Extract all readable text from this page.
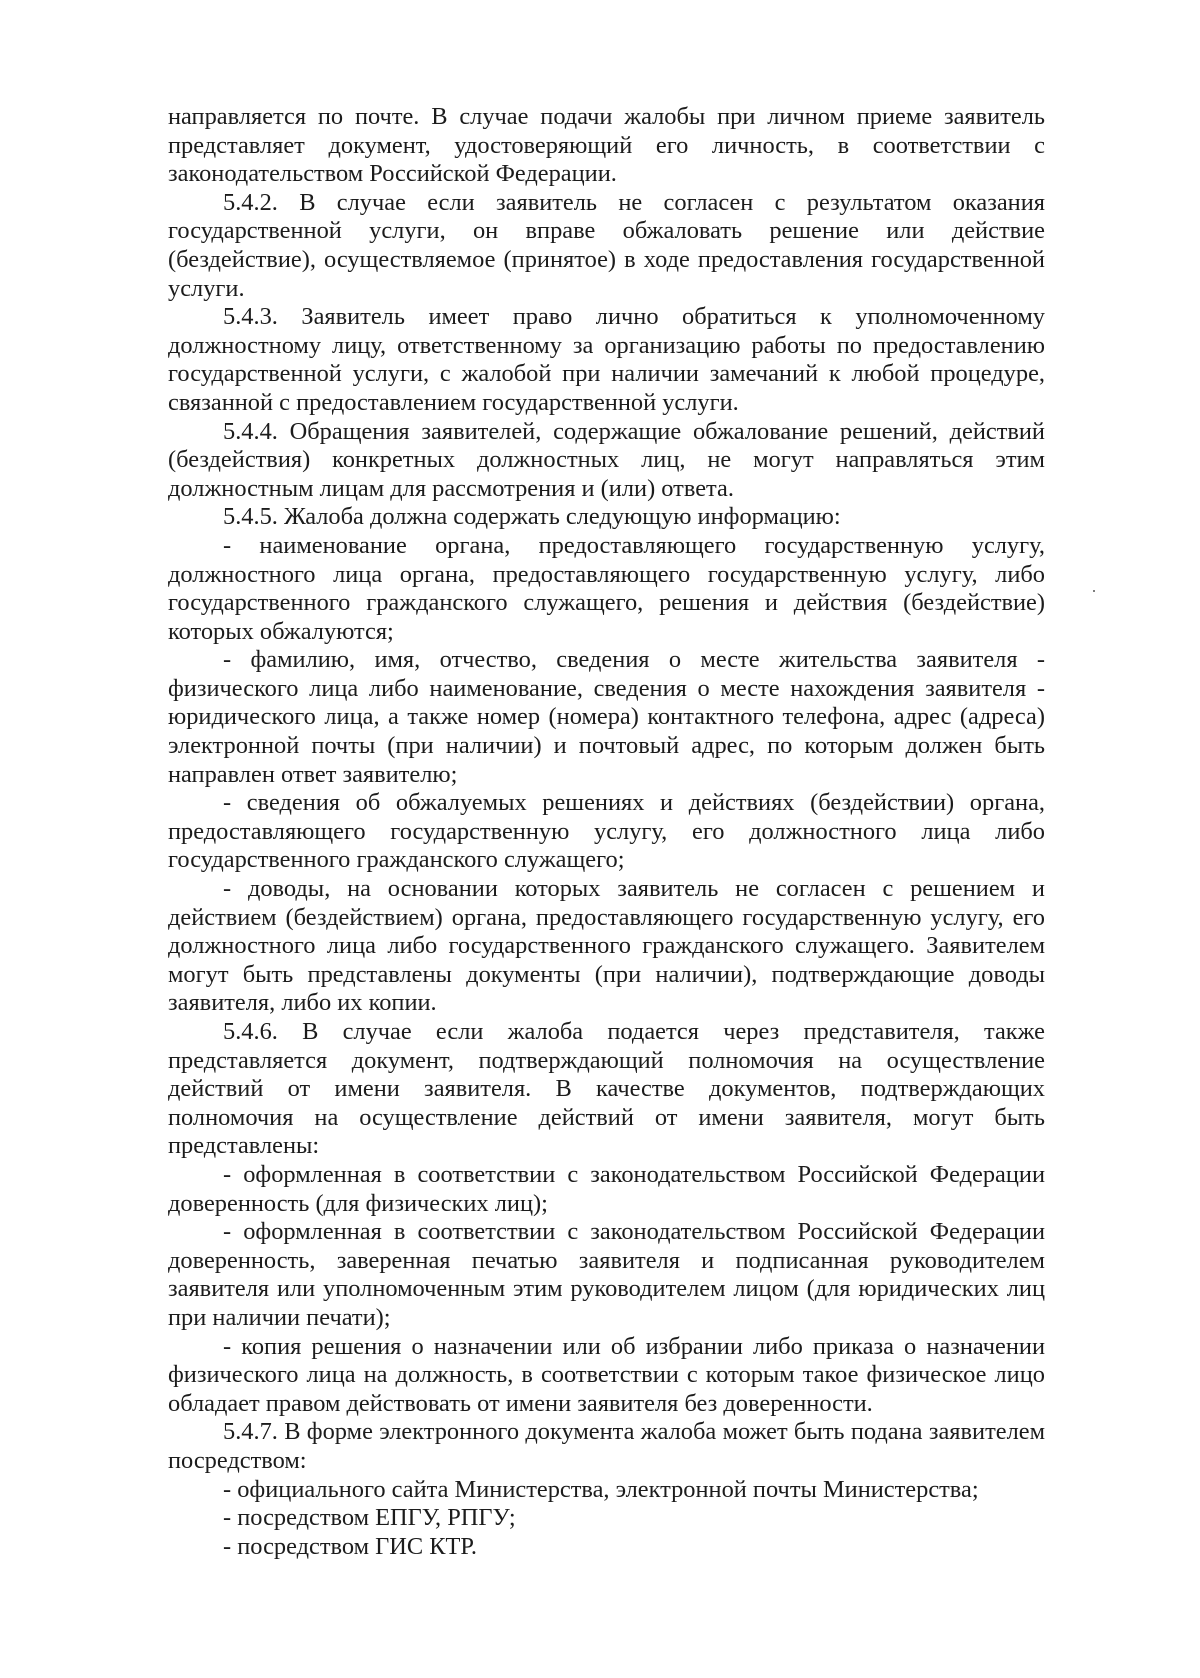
направляется по почте. В случае подачи жалобы при личном приеме заявитель представляет документ, удостоверяющий его личность, в соответствии с законодательством Российской Федерации.

5.4.2. В случае если заявитель не согласен с результатом оказания государственной услуги, он вправе обжаловать решение или действие (бездействие), осуществляемое (принятое) в ходе предоставления государственной услуги.

5.4.3. Заявитель имеет право лично обратиться к уполномоченному должностному лицу, ответственному за организацию работы по предоставлению государственной услуги, с жалобой при наличии замечаний к любой процедуре, связанной с предоставлением государственной услуги.

5.4.4. Обращения заявителей, содержащие обжалование решений, действий (бездействия) конкретных должностных лиц, не могут направляться этим должностным лицам для рассмотрения и (или) ответа.

5.4.5. Жалоба должна содержать следующую информацию:

- наименование органа, предоставляющего государственную услугу, должностного лица органа, предоставляющего государственную услугу, либо государственного гражданского служащего, решения и действия (бездействие) которых обжалуются;

- фамилию, имя, отчество, сведения о месте жительства заявителя - физического лица либо наименование, сведения о месте нахождения заявителя - юридического лица, а также номер (номера) контактного телефона, адрес (адреса) электронной почты (при наличии) и почтовый адрес, по которым должен быть направлен ответ заявителю;

- сведения об обжалуемых решениях и действиях (бездействии) органа, предоставляющего государственную услугу, его должностного лица либо государственного гражданского служащего;

- доводы, на основании которых заявитель не согласен с решением и действием (бездействием) органа, предоставляющего государственную услугу, его должностного лица либо государственного гражданского служащего. Заявителем могут быть представлены документы (при наличии), подтверждающие доводы заявителя, либо их копии.

5.4.6. В случае если жалоба подается через представителя, также представляется документ, подтверждающий полномочия на осуществление действий от имени заявителя. В качестве документов, подтверждающих полномочия на осуществление действий от имени заявителя, могут быть представлены:

- оформленная в соответствии с законодательством Российской Федерации доверенность (для физических лиц);

- оформленная в соответствии с законодательством Российской Федерации доверенность, заверенная печатью заявителя и подписанная руководителем заявителя или уполномоченным этим руководителем лицом (для юридических лиц при наличии печати);

- копия решения о назначении или об избрании либо приказа о назначении физического лица на должность, в соответствии с которым такое физическое лицо обладает правом действовать от имени заявителя без доверенности.

5.4.7. В форме электронного документа жалоба может быть подана заявителем посредством:

- официального сайта Министерства, электронной почты Министерства;

- посредством ЕПГУ, РПГУ;

- посредством ГИС КТР.
